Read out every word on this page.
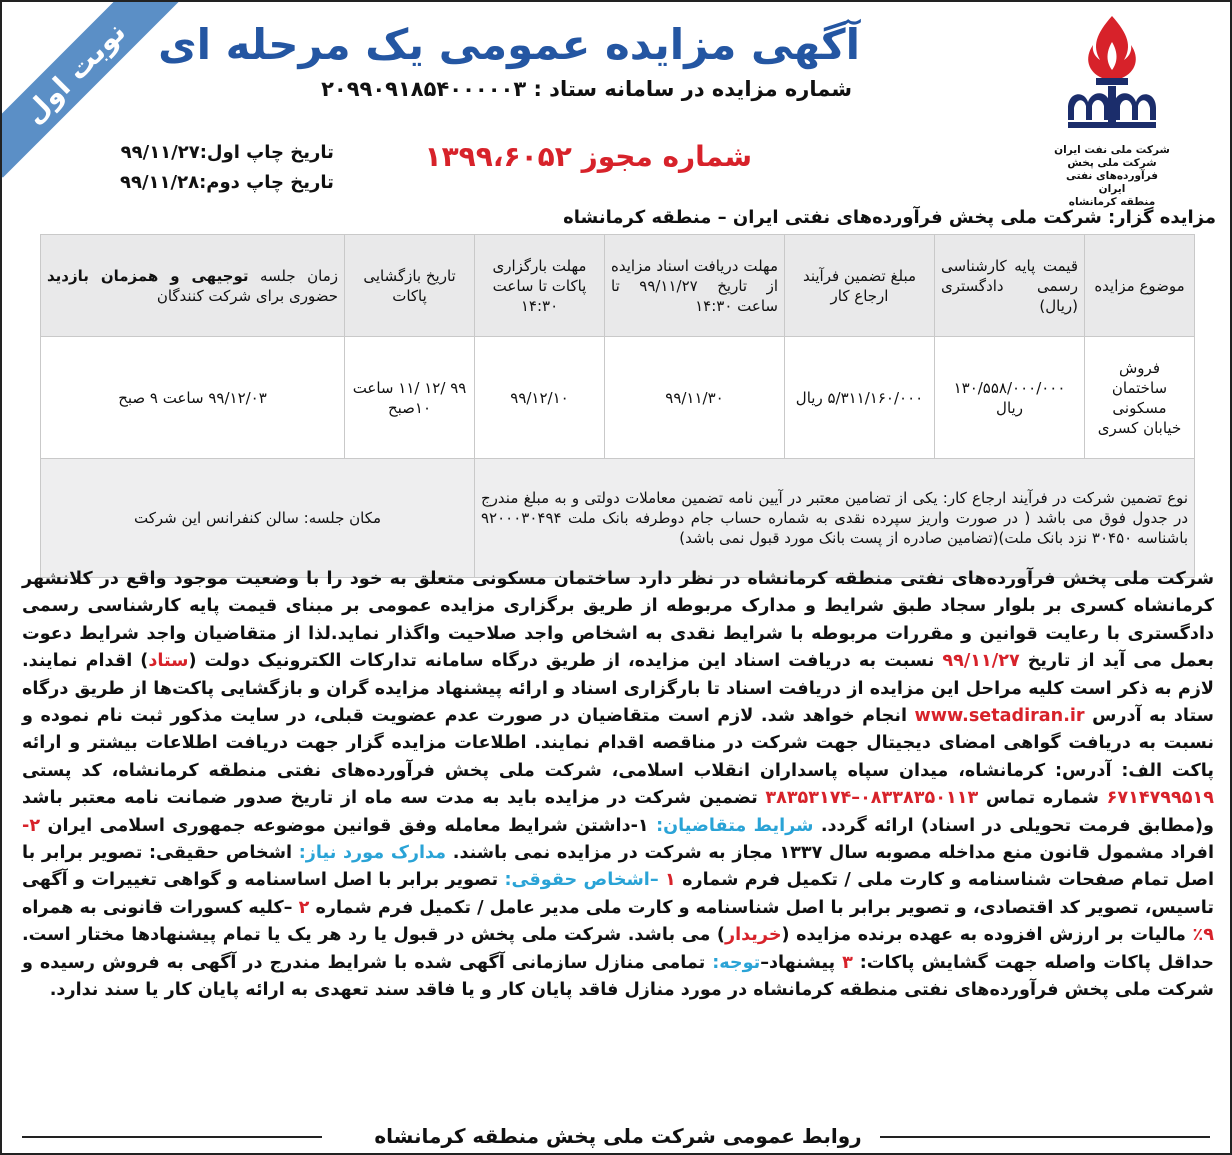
نوبت اول
شرکت ملی نفت ایران
شرکت ملی پخش فرآورده‌های نفتی ایران
منطقه کرمانشاه
آگهی مزایده عمومی یک مرحله ای
شماره مزایده در سامانه ستاد : ۲۰۹۹۰۹۱۸۵۴۰۰۰۰۰۳
شماره مجوز ۱۳۹۹،۶۰۵۲
تاریخ چاپ اول:۹۹/۱۱/۲۷
تاریخ چاپ دوم:۹۹/۱۱/۲۸
مزایده گزار: شرکت ملی پخش فرآورده‌های نفتی ایران – منطقه کرمانشاه
موضوع مزایده	قیمت پایه کارشناسی رسمی دادگستری (ریال)	مبلغ تضمین فرآیند ارجاع کار	مهلت دریافت اسناد مزایده از تاریخ ۹۹/۱۱/۲۷ تا ساعت ۱۴:۳۰	مهلت بارگزاری پاکات تا ساعت ۱۴:۳۰	تاریخ بازگشایی پاکات	زمان جلسه توجیهی و همزمان بازدید حضوری برای شرکت کنندگان
فروش ساختمان مسکونی خیابان کسری	۱۳۰/۵۵۸/۰۰۰/۰۰۰ ریال	۵/۳۱۱/۱۶۰/۰۰۰ ریال	۹۹/۱۱/۳۰	۹۹/۱۲/۱۰	۹۹ /۱۲ /۱۱ ساعت ۱۰صبح	۹۹/۱۲/۰۳ ساعت ۹ صبح
نوع تضمین شرکت در فرآیند ارجاع کار: یکی از تضامین معتبر در آیین نامه تضمین معاملات دولتی و به مبلغ مندرج در جدول فوق می باشد ( در صورت واریز سپرده نقدی به شماره حساب جام دوطرفه بانک ملت ۹۲۰۰۰۳۰۴۹۴ باشناسه ۳۰۴۵۰ نزد بانک ملت)(تضامین صادره از پست بانک مورد قبول نمی باشد)					مکان جلسه: سالن کنفرانس این شرکت	
شرکت ملی پخش فرآورده‌های نفتی منطقه کرمانشاه در نظر دارد ساختمان مسکونی متعلق به خود را با وضعیت موجود واقع در کلانشهر کرمانشاه کسری بر بلوار سجاد طبق شرایط و مدارک مربوطه از طریق برگزاری مزایده عمومی بر مبنای قیمت پایه کارشناسی رسمی دادگستری با رعایت قوانین و مقررات مربوطه با شرایط نقدی به اشخاص واجد صلاحیت واگذار نماید.لذا از متقاضیان واجد شرایط دعوت بعمل می آید از تاریخ ۹۹/۱۱/۲۷ نسبت به دریافت اسناد این مزایده، از طریق درگاه سامانه تدارکات الکترونیک دولت (ستاد) اقدام نمایند. لازم به ذکر است کلیه مراحل این مزایده از دریافت اسناد تا بارگزاری اسناد و ارائه پیشنهاد مزایده گران و بازگشایی پاکت‌ها از طریق درگاه ستاد به آدرس www.setadiran.ir انجام خواهد شد. لازم است متقاضیان در صورت عدم عضویت قبلی، در سایت مذکور ثبت نام نموده و نسبت به دریافت گواهی امضای دیجیتال جهت شرکت در مناقصه اقدام نمایند. اطلاعات مزایده گزار جهت دریافت اطلاعات بیشتر و ارائه پاکت الف: آدرس: کرمانشاه، میدان سپاه پاسداران انقلاب اسلامی، شرکت ملی پخش فرآورده‌های نفتی منطقه کرمانشاه، کد پستی ۶۷۱۴۷۹۹۵۱۹ شماره تماس ۰۸۳۳۸۳۵۰۱۱۳–۳۸۳۵۳۱۷۴ تضمین شرکت در مزایده باید به مدت سه ماه از تاریخ صدور ضمانت نامه معتبر باشد و(مطابق فرمت تحویلی در اسناد) ارائه گردد. شرایط متقاضیان: ۱-داشتن شرایط معامله وفق قوانین موضوعه جمهوری اسلامی ایران ۲- افراد مشمول قانون منع مداخله مصوبه سال ۱۳۳۷ مجاز به شرکت در مزایده نمی باشند. مدارک مورد نیاز: اشخاص حقیقی: تصویر برابر با اصل تمام صفحات شناسنامه و کارت ملی / تکمیل فرم شماره ۱ –اشخاص حقوقی: تصویر برابر با اصل اساسنامه و گواهی تغییرات و آگهی تاسیس، تصویر کد اقتصادی، و تصویر برابر با اصل شناسنامه و کارت ملی مدیر عامل / تکمیل فرم شماره ۲ –کلیه کسورات قانونی به همراه ۹٪ مالیات بر ارزش افزوده به عهده برنده مزایده (خریدار) می باشد. شرکت ملی پخش در قبول یا رد هر یک یا تمام پیشنهادها مختار است. حداقل پاکات واصله جهت گشایش پاکات: ۳ پیشنهاد–توجه: تمامی منازل سازمانی آگهی شده با شرایط مندرج در آگهی به فروش رسیده و شرکت ملی پخش فرآورده‌های نفتی منطقه کرمانشاه در مورد منازل فاقد پایان کار و یا فاقد سند تعهدی به ارائه پایان کار یا سند ندارد.
روابط عمومی شرکت ملی پخش منطقه کرمانشاه
